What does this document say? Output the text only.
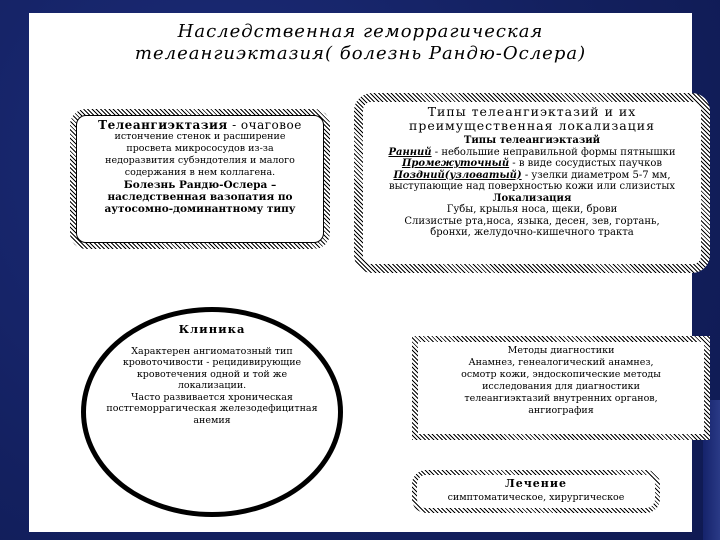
Наследственная геморрагическая
телеангиэктазия( болезнь Рандю-Ослера)
Телеангиэктазия - очаговое
истончение стенок и расширение
просвета микрососудов из-за
недоразвития субэндотелия и малого
содержания в нем коллагена.
Болезнь Рандю-Ослера –
наследственная вазопатия по
аутосомно-доминантному типу
Типы телеангиэктазий и их
преимущественная локализация
Типы телеангиэктазий
Ранний - небольшие неправильной формы пятнышки
Промежуточный - в виде сосудистых паучков
Поздний(узловатый) - узелки диаметром 5-7 мм,
выступающие над поверхностью кожи или слизистых
Локализация
Губы, крылья носа, щеки, брови
Слизистые рта,носа, языка, десен, зев, гортань,
бронхи, желудочно-кишечного тракта
Клиника
Характерен ангиоматозный тип
кровоточивости - рецидивирующие
кровотечения одной и той же
локализации.
Часто развивается хроническая
постгеморрагическая железодефицитная
анемия
Методы диагностики
Анамнез, генеалогический анамнез,
осмотр кожи, эндоскопические методы
исследования для диагностики
телеангиэктазий внутренних органов,
ангиография
Лечение
симптоматическое, хирургическое
